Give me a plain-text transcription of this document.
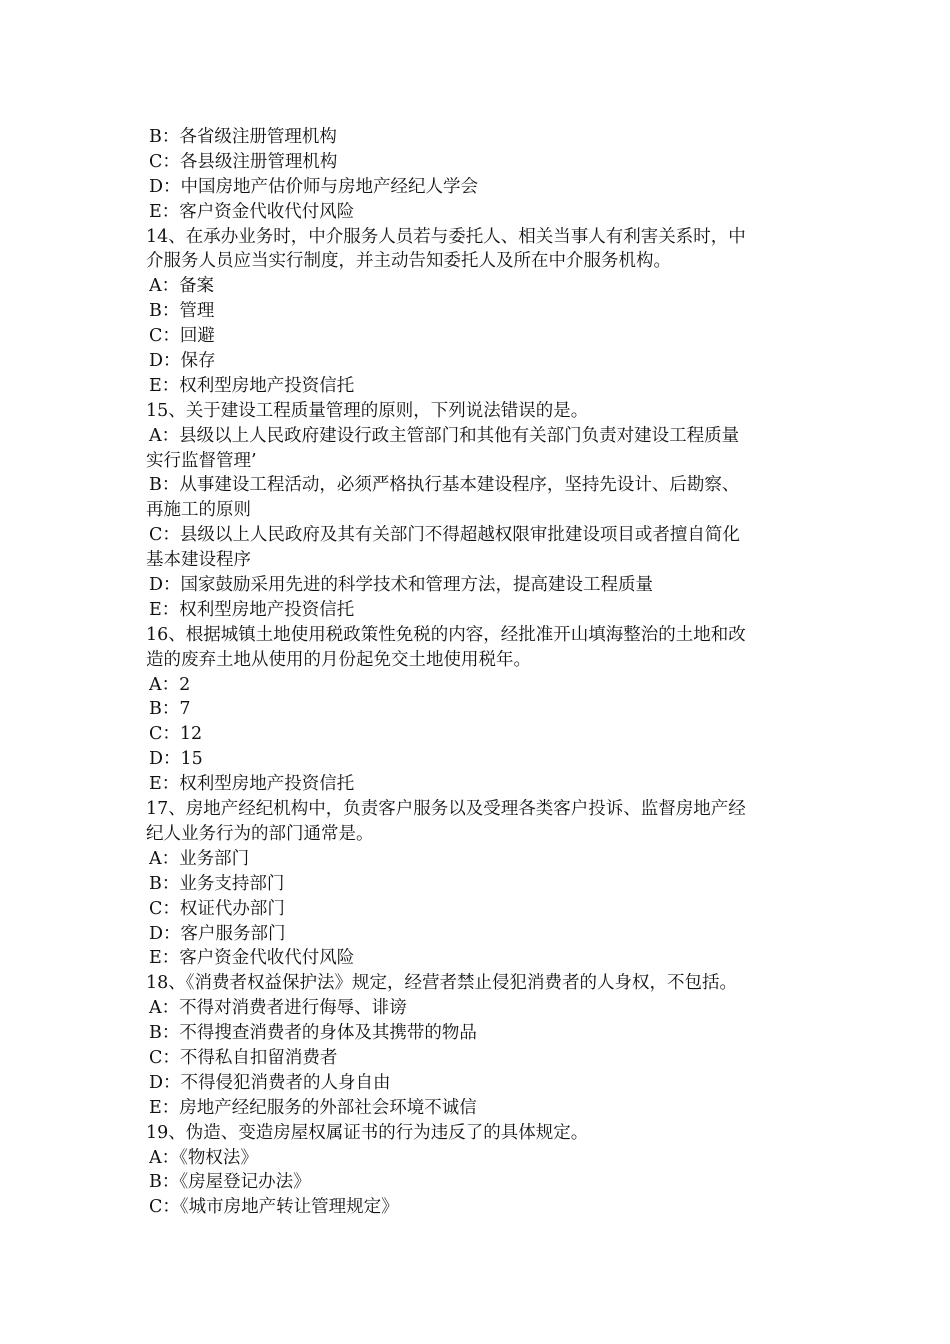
B：各省级注册管理机构
C：各县级注册管理机构
D：中国房地产估价师与房地产经纪人学会
E：客户资金代收代付风险
14、在承办业务时，中介服务人员若与委托人、相关当事人有利害关系时，中
介服务人员应当实行制度，并主动告知委托人及所在中介服务机构。
A：备案
B：管理
C：回避
D：保存
E：权利型房地产投资信托
15、关于建设工程质量管理的原则，下列说法错误的是。
A：县级以上人民政府建设行政主管部门和其他有关部门负责对建设工程质量
实行监督管理’
B：从事建设工程活动，必须严格执行基本建设程序，坚持先设计、后勘察、
再施工的原则
C：县级以上人民政府及其有关部门不得超越权限审批建设项目或者擅自简化
基本建设程序
D：国家鼓励采用先进的科学技术和管理方法，提高建设工程质量
E：权利型房地产投资信托
16、根据城镇土地使用税政策性免税的内容，经批准开山填海整治的土地和改
造的废弃土地从使用的月份起免交土地使用税年。
A：2
B：7
C：12
D：15
E：权利型房地产投资信托
17、房地产经纪机构中，负责客户服务以及受理各类客户投诉、监督房地产经
纪人业务行为的部门通常是。
A：业务部门
B：业务支持部门
C：权证代办部门
D：客户服务部门
E：客户资金代收代付风险
18、《消费者权益保护法》规定，经营者禁止侵犯消费者的人身权，不包括。
A：不得对消费者进行侮辱、诽谤
B：不得搜查消费者的身体及其携带的物品
C：不得私自扣留消费者
D：不得侵犯消费者的人身自由
E：房地产经纪服务的外部社会环境不诚信
19、伪造、变造房屋权属证书的行为违反了的具体规定。
A：《物权法》
B：《房屋登记办法》
C：《城市房地产转让管理规定》
